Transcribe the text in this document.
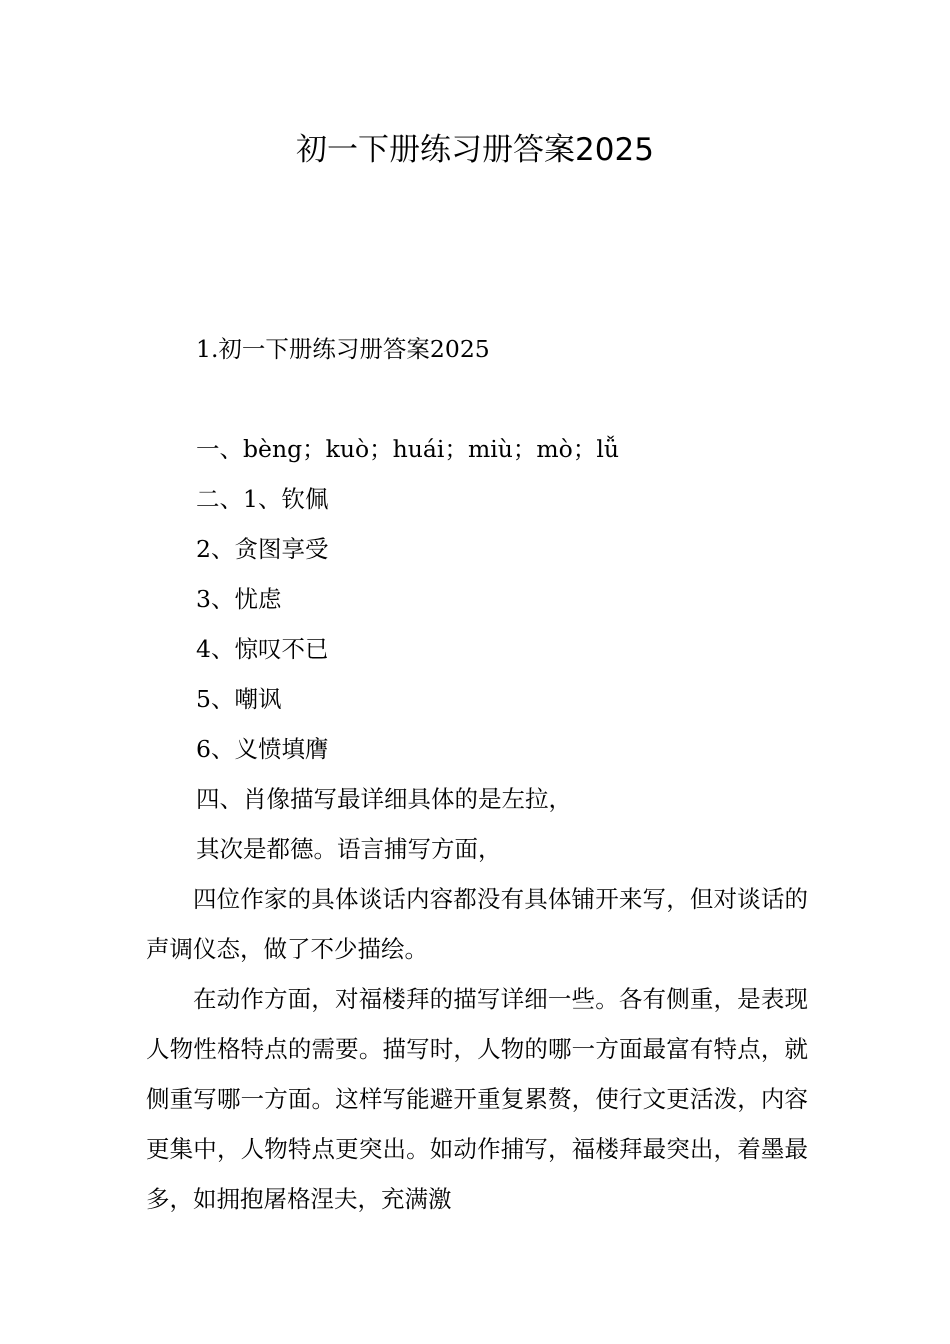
初一下册练习册答案2025

1.初一下册练习册答案2025

一、bèng；kuò；huái；miù；mò；lǚ

二、1、钦佩

2、贪图享受

3、忧虑

4、惊叹不已

5、嘲讽

6、义愤填膺

四、肖像描写最详细具体的是左拉，

其次是都德。语言捕写方面，

四位作家的具体谈话内容都没有具体铺开来写，但对谈话的声调仪态，做了不少描绘。

在动作方面，对福楼拜的描写详细一些。各有侧重，是表现人物性格特点的需要。描写时，人物的哪一方面最富有特点，就侧重写哪一方面。这样写能避开重复累赘，使行文更活泼，内容更集中，人物特点更突出。如动作捕写，福楼拜最突出，着墨最多，如拥抱屠格涅夫，充满激
